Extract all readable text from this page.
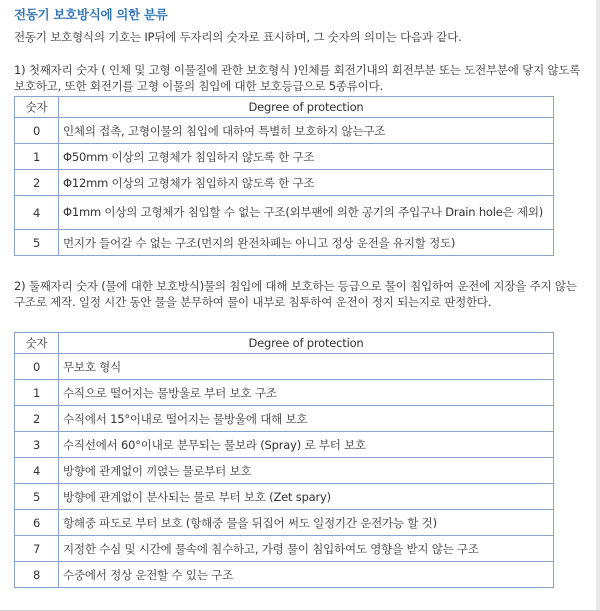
전동기 보호방식에 의한 분류
전동기 보호형식의 기호는 IP뒤에 두자리의 숫자로 표시하며, 그 숫자의 의미는 다음과 같다.
1) 첫째자리 숫자 ( 인체 및 고형 이물질에 관한 보호형식 )인체를 회전기내의 회전부분 또는 도전부분에 닿지 않도록 보호하고, 또한 회전기를 고형 이물의 침입에 대한 보호등급으로 5종류이다.
숫자	Degree of protection
0	인체의 접촉, 고형이물의 침입에 대하여 특별히 보호하지 않는구조
1	Φ50mm 이상의 고형체가 침입하지 않도록 한 구조
2	Φ12mm 이상의 고형체가 침입하지 않도록 한 구조
4	Φ1mm 이상의 고형체가 침입할 수 없는 구조(외부팬에 의한 공기의 주입구나 Drain hole은 제외)
5	먼지가 들어갈 수 없는 구조(먼지의 완전차폐는 아니고 정상 운전을 유지할 정도)
2) 둘째자리 숫자 (물에 대한 보호방식)물의 침입에 대해 보호하는 등급으로 물이 침입하여 운전에 지장을 주지 않는 구조로 제작. 일정 시간 동안 물을 분무하여 물이 내부로 침투하여 운전이 정지 되는지로 판정한다.
숫자	Degree of protection
0	무보호 형식
1	수직으로 떨어지는 물방울로 부터 보호 구조
2	수직에서 15°이내로 떨어지는 물방울에 대해 보호
3	수직선에서 60°이내로 분무되는 물보라 (Spray) 로 부터 보호
4	방향에 관계없이 끼얹는 물로부터 보호
5	방향에 관계없이 분사되는 물로 부터 보호 (Zet spary)
6	항해중 파도로 부터 보호 (항해중 물을 뒤집어 써도 일정기간 운전가능 할 것)
7	지정한 수심 및 시간에 물속에 침수하고, 가령 물이 침입하여도 영향을 받지 않는 구조
8	수중에서 정상 운전할 수 있는 구조
